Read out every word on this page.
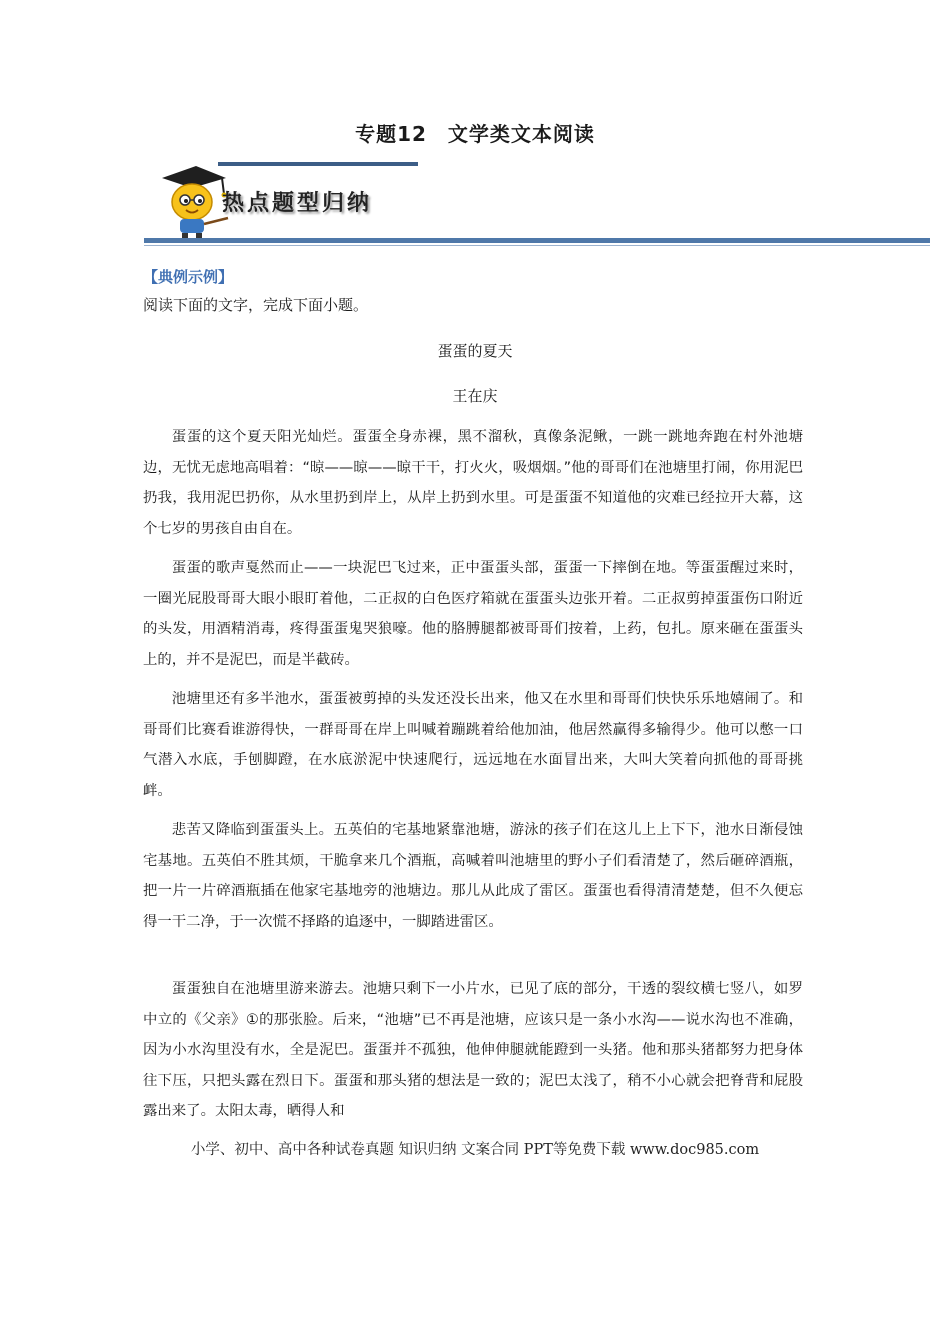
专题12　文学类文本阅读
热点题型归纳
【典例示例】
阅读下面的文字，完成下面小题。
蛋蛋的夏天
王在庆

蛋蛋的这个夏天阳光灿烂。蛋蛋全身赤裸，黑不溜秋，真像条泥鳅，一跳一跳地奔跑在村外池塘边，无忧无虑地高唱着：“晾——晾——晾干干，打火火，吸烟烟。”他的哥哥们在池塘里打闹，你用泥巴扔我，我用泥巴扔你，从水里扔到岸上，从岸上扔到水里。可是蛋蛋不知道他的灾难已经拉开大幕，这个七岁的男孩自由自在。

蛋蛋的歌声戛然而止——一块泥巴飞过来，正中蛋蛋头部，蛋蛋一下摔倒在地。等蛋蛋醒过来时，一圈光屁股哥哥大眼小眼盯着他，二正叔的白色医疗箱就在蛋蛋头边张开着。二正叔剪掉蛋蛋伤口附近的头发，用酒精消毒，疼得蛋蛋鬼哭狼嚎。他的胳膊腿都被哥哥们按着，上药，包扎。原来砸在蛋蛋头上的，并不是泥巴，而是半截砖。

池塘里还有多半池水，蛋蛋被剪掉的头发还没长出来，他又在水里和哥哥们快快乐乐地嬉闹了。和哥哥们比赛看谁游得快，一群哥哥在岸上叫喊着蹦跳着给他加油，他居然赢得多输得少。他可以憋一口气潜入水底，手刨脚蹬，在水底淤泥中快速爬行，远远地在水面冒出来，大叫大笑着向抓他的哥哥挑衅。

悲苦又降临到蛋蛋头上。五英伯的宅基地紧靠池塘，游泳的孩子们在这儿上上下下，池水日渐侵蚀宅基地。五英伯不胜其烦，干脆拿来几个酒瓶，高喊着叫池塘里的野小子们看清楚了，然后砸碎酒瓶，把一片一片碎酒瓶插在他家宅基地旁的池塘边。那儿从此成了雷区。蛋蛋也看得清清楚楚，但不久便忘得一干二净，于一次慌不择路的追逐中，一脚踏进雷区。

蛋蛋独自在池塘里游来游去。池塘只剩下一小片水，已见了底的部分，干透的裂纹横七竖八，如罗中立的《父亲》①的那张脸。后来，“池塘”已不再是池塘，应该只是一条小水沟——说水沟也不准确，因为小水沟里没有水，全是泥巴。蛋蛋并不孤独，他伸伸腿就能蹬到一头猪。他和那头猪都努力把身体往下压，只把头露在烈日下。蛋蛋和那头猪的想法是一致的；泥巴太浅了，稍不小心就会把脊背和屁股露出来了。太阳太毒，晒得人和

小学、初中、高中各种试卷真题 知识归纳 文案合同 PPT等免费下载 www.doc985.com
